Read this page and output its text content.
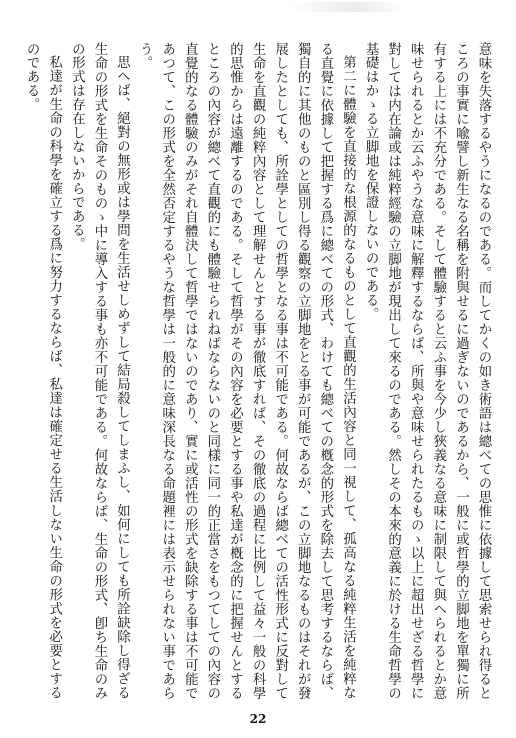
意味を失落するやうになるのである。而してかくの如き術語は總べての思惟に依據して思索せられ得るところの事實に喩譬し新生なる名稱を附與せるに過ぎないのであるから、一般に或哲學的立脚地を單獨に所有する上には不充分である。そして體驗すると云ふ事を今少し狹義なる意味に制限して與へられるとか意味せられるとか云ふやうな意味に解釋するならば、所與や意味せられたるものゝ以上に超出せざる哲學に對しては内在論或は純粹經驗の立脚地が現出して來るのである。然しその本來的意義に於ける生命哲學の基礎はかゝる立脚地を保證しないのである。

第二に體驗を直接的な根源的なるものとして直觀的生活內容と同一視して、孤高なる純粹生活を純粹なる直覺に依據して把握する爲に總べての形式、わけても總べての槪念的形式を除去して思考するならば、獨自的に其他のものと區別し得る觀察の立脚地をとる事が可能であるが、この立脚地なるものはそれが發展したとしても、所詮學としての哲學となる事は不可能である。何故ならば總べての活性形式に反對して生命を直觀の純粹內容として理解せんとする事が徹底すれば、その徹底の過程に比例して益々一般の科學的思惟からは遠離するのである。そして哲學がその內容を必要とする事や私達が槪念的に把握せんとするところの內容が總べて直觀的にも體驗せられねばならないのと同樣に同一的正當さをもつてしての內容の直覺的なる體驗のみがそれ自體決して哲學ではないのであり、實に或活性の形式を缺除する事は不可能であつて、この形式を全然否定するやうな哲學は一般的に意味深長なる命題裡には表示せられない事であらう。

思へば、絕對の無形或は學問を生活せしめずして結局殺してしまふし、如何にしても所詮缺除し得ざる生命の形式を生命そのものゝ中に導入する事も亦不可能である。何故ならば、生命の形式、卽ち生命のみの形式は存在しないからである。

私達が生命の科學を確立する爲に努力するならば、私達は確定せる生活しない生命の形式を必要とするのである。

22
